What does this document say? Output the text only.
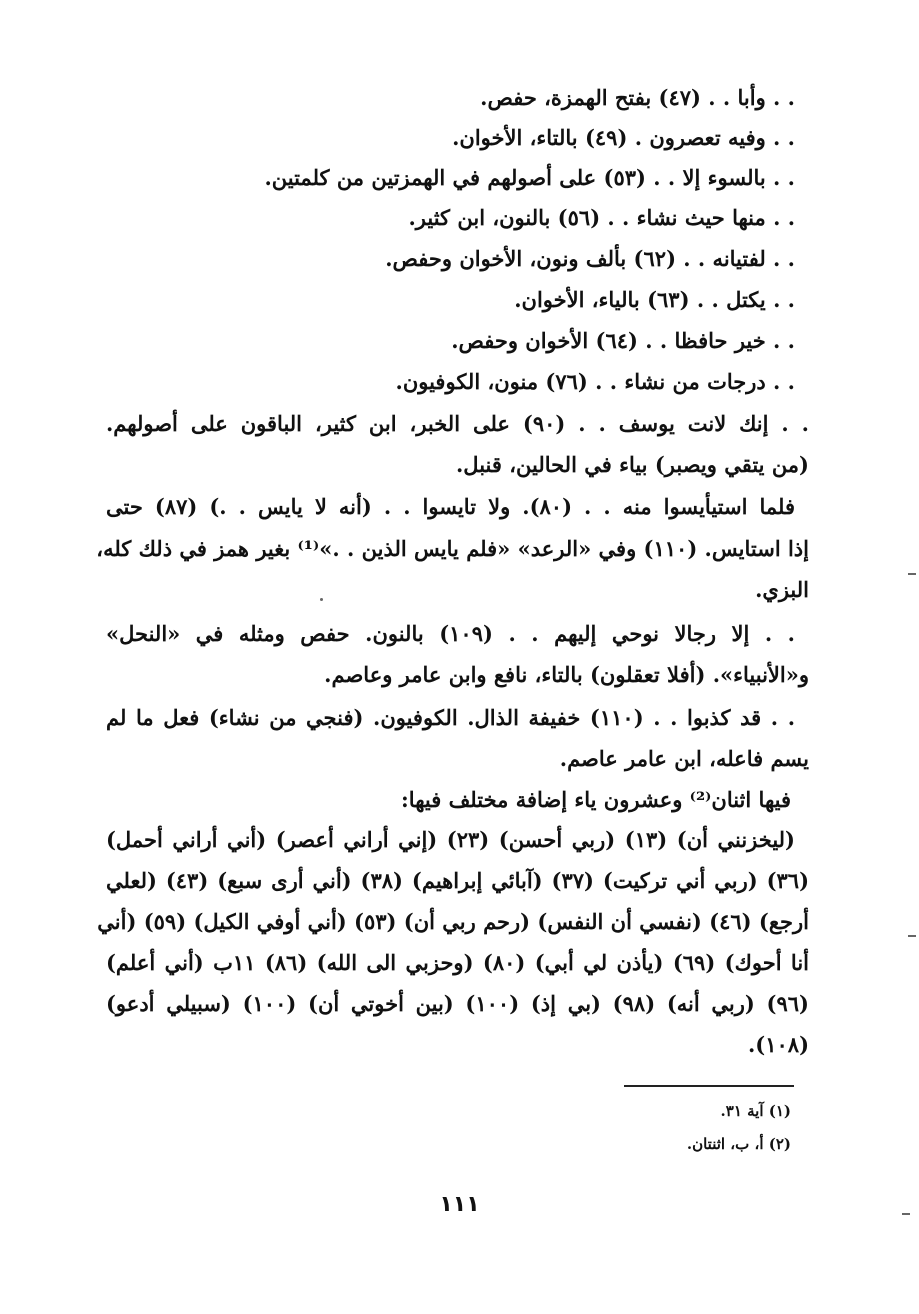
. . وأبا . . (٤٧) بفتح الهمزة، حفص.
. . وفيه تعصرون . (٤٩) بالتاء، الأخوان.
. . بالسوء إلا . . (٥٣) على أصولهم في الهمزتين من كلمتين.
. . منها حيث نشاء . . (٥٦) بالنون، ابن كثير.
. . لفتيانه . . (٦٢) بألف ونون، الأخوان وحفص.
. . يكتل . . (٦٣) بالياء، الأخوان.
. . خير حافظا . . (٦٤) الأخوان وحفص.
. . درجات من نشاء . . (٧٦) منون، الكوفيون.
. . إنك لانت يوسف . . (٩٠) على الخبر، ابن كثير، الباقون على أصولهم.
(من يتقي ويصبر) بياء في الحالين، قنبل.
فلما استيأيسوا منه . . (٨٠). ولا تايسوا . . (أنه لا يايس . .) (٨٧) حتى
إذا استايس. (١١٠) وفي «الرعد» «فلم يايس الذين . .»⁽¹⁾ بغير همز في ذلك كله،
البزي.
. . إلا رجالا نوحي إليهم . . (١٠٩) بالنون. حفص ومثله في «النحل»
و«الأنبياء». (أفلا تعقلون) بالتاء، نافع وابن عامر وعاصم.
. . قد كذبوا . . (١١٠) خفيفة الذال. الكوفيون. (فنجي من نشاء) فعل ما لم
يسم فاعله، ابن عامر عاصم.
فيها اثنان⁽²⁾ وعشرون ياء إضافة مختلف فيها:
(ليخزنني أن) (١٣) (ربي أحسن) (٢٣) (إني أراني أعصر) (أني أراني أحمل)
(٣٦) (ربي أني تركيت) (٣٧) (آبائي إبراهيم) (٣٨) (أني أرى سبع) (٤٣) (لعلي
أرجع) (٤٦) (نفسي أن النفس) (رحم ربي أن) (٥٣) (أني أوفي الكيل) (٥٩) (أني
أنا أحوك) (٦٩) (يأذن لي أبي) (٨٠) (وحزبي الى الله) (٨٦) ١١ب (أني أعلم)
(٩٦) (ربي أنه) (٩٨) (بي إذ) (١٠٠) (بين أخوتي أن) (١٠٠) (سبيلي أدعو)
(١٠٨).
(١) آية ٣١.
(٢) أ، ب، اثنتان.
١١١
